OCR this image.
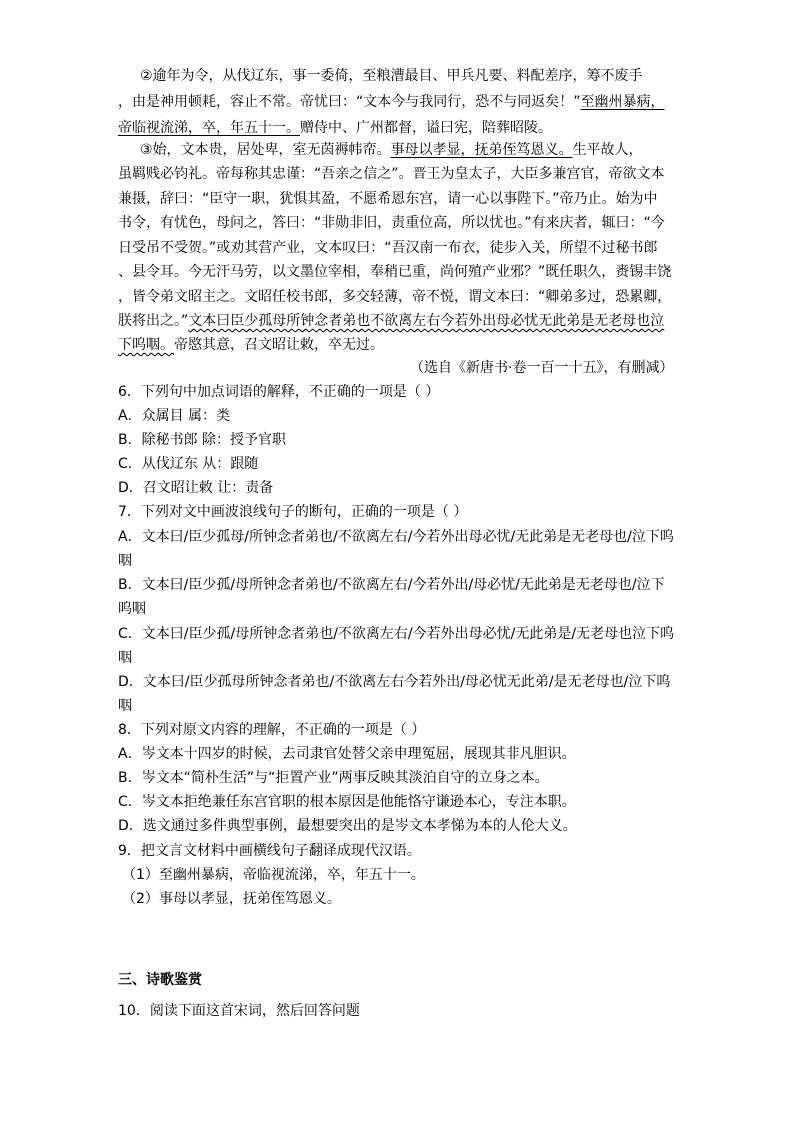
②逾年为令，从伐辽东，事一委倚，至粮漕最目、甲兵凡要、料配差序，筹不废手
，由是神用顿耗，容止不常。帝忧曰：“文本今与我同行，恐不与同返矣！”至幽州暴病，
帝临视流涕，卒，年五十一。赠侍中、广州都督，谥曰宪，陪葬昭陵。
③始，文本贵，居处卑，室无茵褥帏帟。事母以孝显，抚弟侄笃恩义。生平故人，
虽羁贱必钧礼。帝每称其忠谨：“吾亲之信之”。晋王为皇太子，大臣多兼宫官，帝欲文本
兼摄，辞曰：“臣守一职，犹惧其盈，不愿希恩东宫，请一心以事陛下。”帝乃止。始为中
书令，有忧色，母问之，答曰：“非勋非旧，责重位高，所以忧也。”有来庆者，辄曰：“今
日受吊不受贺。”或劝其营产业，文本叹曰：“吾汉南一布衣，徒步入关，所望不过秘书郎
、县令耳。今无汗马劳，以文墨位宰相，奉稍已重，尚何殖产业邪？”既任职久，赉锡丰饶
，皆令弟文昭主之。文昭任校书郎，多交轻薄，帝不悦，谓文本曰：“卿弟多过，恐累卿，
朕将出之。”文本曰臣少孤母所钟念者弟也不欲离左右今若外出母必忧无此弟是无老母也泣
下呜咽。帝愍其意，召文昭让敕，卒无过。
（选自《新唐书·卷一百一十五》，有删减）
6．下列句中加点词语的解释，不正确的一项是（ ）
A．众属目 属：类
B．除秘书郎 除：授予官职
C．从伐辽东 从：跟随
D．召文昭让敕 让：责备
7．下列对文中画波浪线句子的断句，正确的一项是（ ）
A．文本曰/臣少孤母/所钟念者弟也/不欲离左右/今若外出母必忧/无此弟是无老母也/泣下呜
咽
B．文本曰/臣少孤/母所钟念者弟也/不欲离左右/今若外出/母必忧/无此弟是无老母也/泣下
呜咽
C．文本曰/臣少孤/母所钟念者弟也/不欲离左右/今若外出母必忧/无此弟是/无老母也泣下呜
咽
D．文本曰/臣少孤母所钟念者弟也/不欲离左右今若外出/母必忧无此弟/是无老母也/泣下呜
咽
8．下列对原文内容的理解，不正确的一项是（ ）
A．岑文本十四岁的时候，去司隶官处替父亲申理冤屈，展现其非凡胆识。
B．岑文本“简朴生活”与“拒置产业”两事反映其淡泊自守的立身之本。
C．岑文本拒绝兼任东宫官职的根本原因是他能恪守谦逊本心，专注本职。
D．选文通过多件典型事例，最想要突出的是岑文本孝悌为本的人伦大义。
9．把文言文材料中画横线句子翻译成现代汉语。
（1）至幽州暴病，帝临视流涕，卒，年五十一。
（2）事母以孝显，抚弟侄笃恩义。
三、诗歌鉴赏
10．阅读下面这首宋词，然后回答问题
